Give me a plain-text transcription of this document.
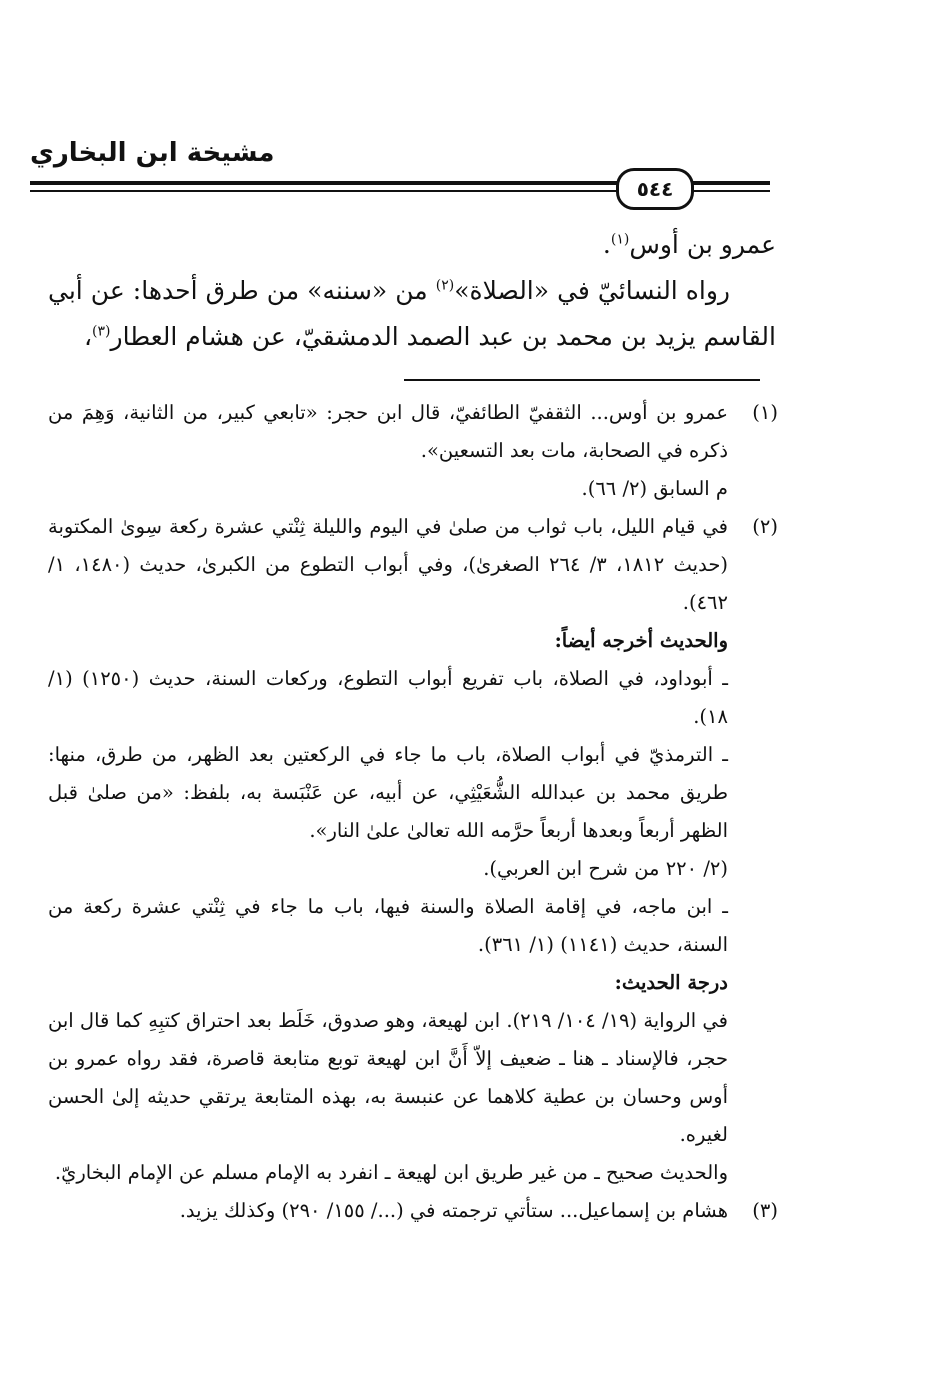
مشيخة ابن البخاري
٥٤٤

عمرو بن أوس$^{(١)}$.

رواه النسائيّ في «الصلاة»$^{(٢)}$ من «سننه» من طرق أحدها: عن أبي القاسم يزيد بن محمد بن عبد الصمد الدمشقيّ، عن هشام العطار$^{(٣)}$،

(١)

عمرو بن أوس... الثقفيّ الطائفيّ، قال ابن حجر: «تابعي كبير، من الثانية، وَهِمَ من ذكره في الصحابة، مات بعد التسعين».

م السابق (٢/ ٦٦).

(٢)

في قيام الليل، باب ثواب من صلىٰ في اليوم والليلة ثِنْتي عشرة ركعة سِوىٰ المكتوبة (حديث ١٨١٢، ٣/ ٢٦٤ الصغرىٰ)، وفي أبواب التطوع من الكبرىٰ، حديث (١٤٨٠، ١/ ٤٦٢).

والحديث أخرجه أيضاً:

ـ أبوداود، في الصلاة، باب تفريع أبواب التطوع، وركعات السنة، حديث (١٢٥٠) (١/ ١٨).

ـ الترمذيّ في أبواب الصلاة، باب ما جاء في الركعتين بعد الظهر، من طرق، منها: طريق محمد بن عبدالله الشُّعَيْثِي، عن أبيه، عن عَنْبَسة به، بلفظ: «من صلىٰ قبل الظهر أربعاً وبعدها أربعاً حرَّمه الله تعالىٰ علىٰ النار».

(٢/ ٢٢٠ من شرح ابن العربي).

ـ ابن ماجه، في إقامة الصلاة والسنة فيها، باب ما جاء في ثِنْتي عشرة ركعة من السنة، حديث (١١٤١) (١/ ٣٦١).

درجة الحديث:

في الرواية (١٩/ ١٠٤/ ٢١٩). ابن لهيعة، وهو صدوق، خَلَط بعد احتراق كتبِهِ كما قال ابن حجر، فالإسناد ـ هنا ـ ضعيف إلاّ أَنَّ ابن لهيعة توبع متابعة قاصرة، فقد رواه عمرو بن أوس وحسان بن عطية كلاهما عن عنبسة به، بهذه المتابعة يرتقي حديثه إلىٰ الحسن لغيره.

والحديث صحيح ـ من غير طريق ابن لهيعة ـ انفرد به الإمام مسلم عن الإمام البخاريّ.

(٣)

هشام بن إسماعيل... ستأتي ترجمته في (.../ ١٥٥/ ٢٩٠) وكذلك يزيد.
